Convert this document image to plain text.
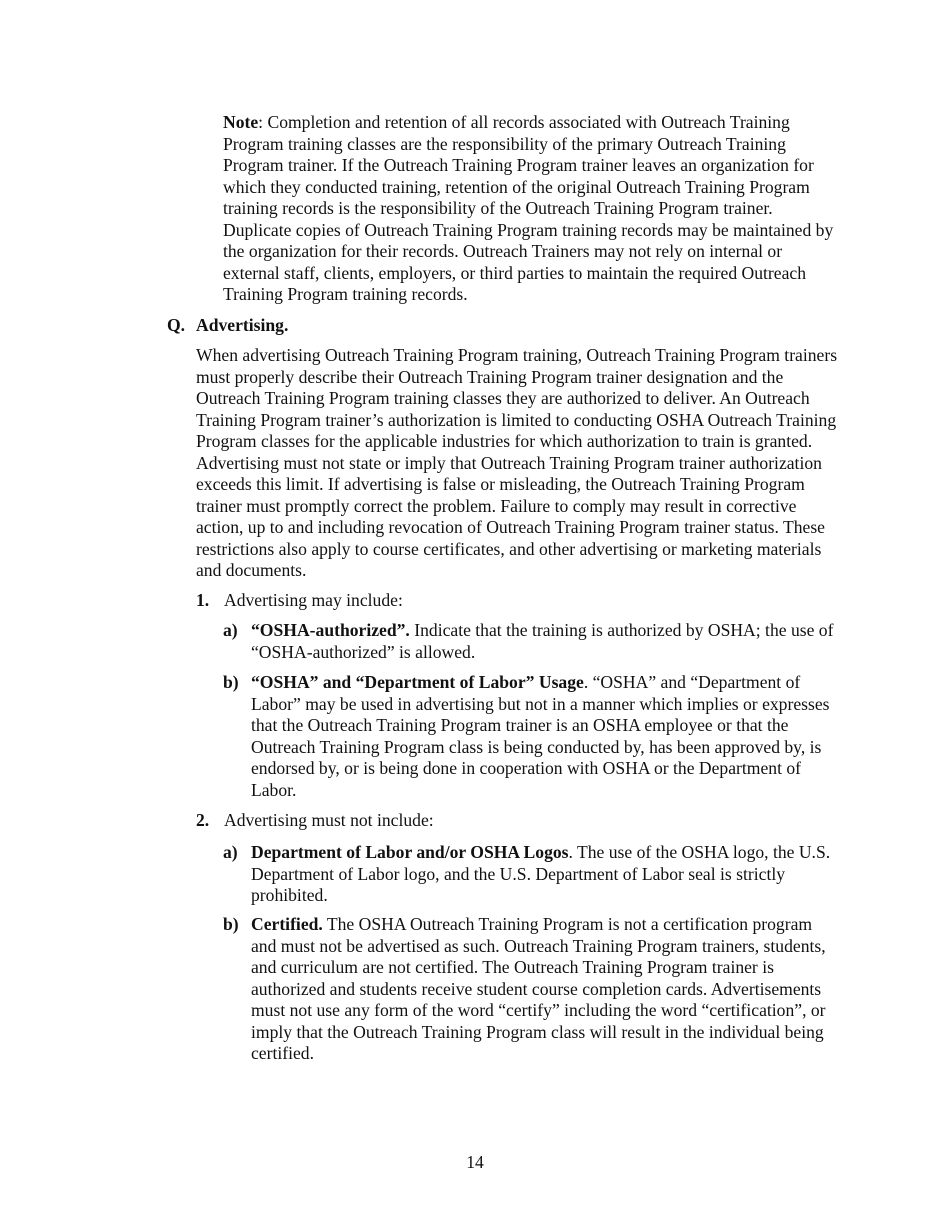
Note: Completion and retention of all records associated with Outreach Training Program training classes are the responsibility of the primary Outreach Training Program trainer. If the Outreach Training Program trainer leaves an organization for which they conducted training, retention of the original Outreach Training Program training records is the responsibility of the Outreach Training Program trainer. Duplicate copies of Outreach Training Program training records may be maintained by the organization for their records. Outreach Trainers may not rely on internal or external staff, clients, employers, or third parties to maintain the required Outreach Training Program training records.

Q. Advertising.

When advertising Outreach Training Program training, Outreach Training Program trainers must properly describe their Outreach Training Program trainer designation and the Outreach Training Program training classes they are authorized to deliver. An Outreach Training Program trainer’s authorization is limited to conducting OSHA Outreach Training Program classes for the applicable industries for which authorization to train is granted. Advertising must not state or imply that Outreach Training Program trainer authorization exceeds this limit. If advertising is false or misleading, the Outreach Training Program trainer must promptly correct the problem. Failure to comply may result in corrective action, up to and including revocation of Outreach Training Program trainer status. These restrictions also apply to course certificates, and other advertising or marketing materials and documents.

1. Advertising may include:
a) “OSHA-authorized”. Indicate that the training is authorized by OSHA; the use of “OSHA-authorized” is allowed.
b) “OSHA” and “Department of Labor” Usage. “OSHA” and “Department of Labor” may be used in advertising but not in a manner which implies or expresses that the Outreach Training Program trainer is an OSHA employee or that the Outreach Training Program class is being conducted by, has been approved by, is endorsed by, or is being done in cooperation with OSHA or the Department of Labor.
2. Advertising must not include:
a) Department of Labor and/or OSHA Logos. The use of the OSHA logo, the U.S. Department of Labor logo, and the U.S. Department of Labor seal is strictly prohibited.
b) Certified. The OSHA Outreach Training Program is not a certification program and must not be advertised as such. Outreach Training Program trainers, students, and curriculum are not certified. The Outreach Training Program trainer is authorized and students receive student course completion cards. Advertisements must not use any form of the word “certify” including the word “certification”, or imply that the Outreach Training Program class will result in the individual being certified.
14
